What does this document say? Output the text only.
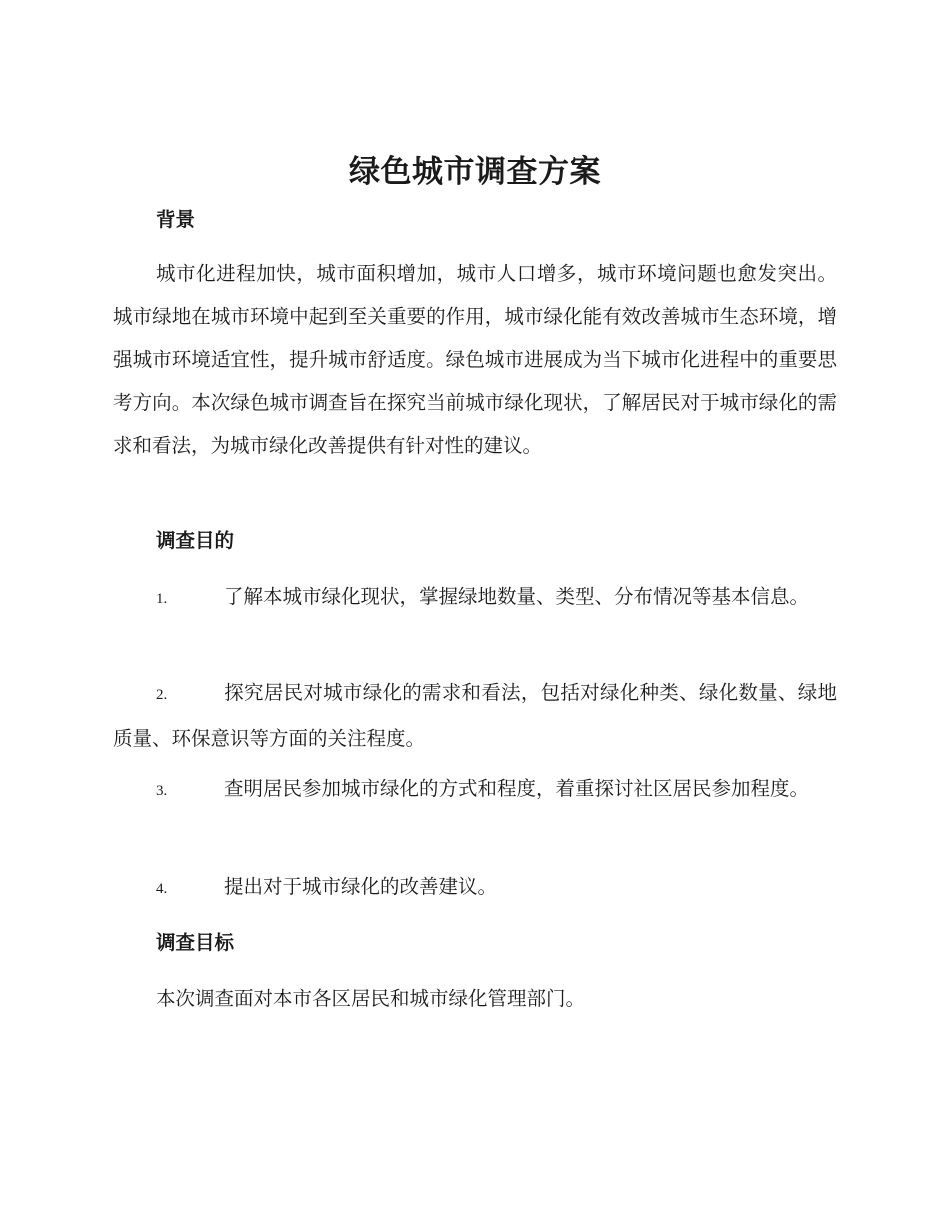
绿色城市调查方案
背景

城市化进程加快，城市面积增加，城市人口增多，城市环境问题也愈发突出。城市绿地在城市环境中起到至关重要的作用，城市绿化能有效改善城市生态环境，增强城市环境适宜性，提升城市舒适度。绿色城市进展成为当下城市化进程中的重要思考方向。本次绿色城市调查旨在探究当前城市绿化现状，了解居民对于城市绿化的需求和看法，为城市绿化改善提供有针对性的建议。

调查目的

1.	了解本城市绿化现状，掌握绿地数量、类型、分布情况等基本信息。

2.	探究居民对城市绿化的需求和看法，包括对绿化种类、绿化数量、绿地质量、环保意识等方面的关注程度。

3.	查明居民参加城市绿化的方式和程度，着重探讨社区居民参加程度。

4.	提出对于城市绿化的改善建议。

调查目标

本次调查面对本市各区居民和城市绿化管理部门。
